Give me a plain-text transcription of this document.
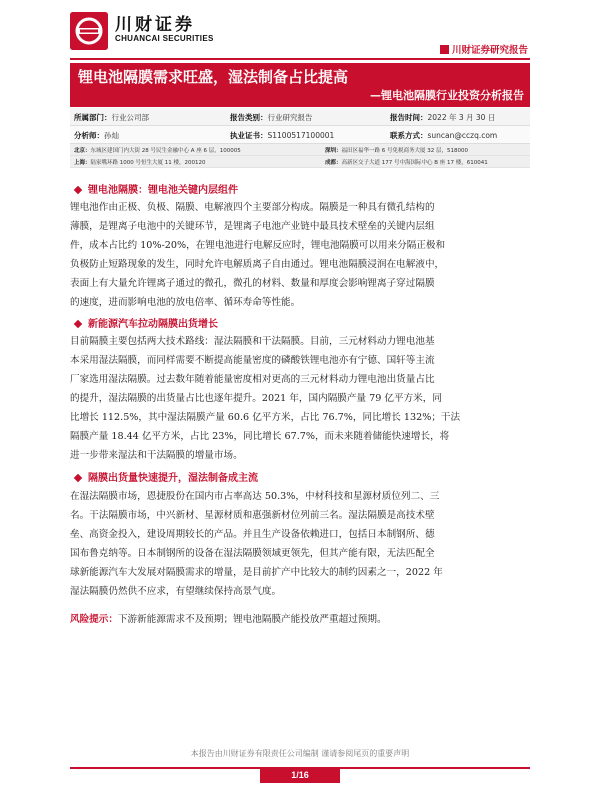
川财证券
CHUANCAI SECURITIES
川财证券研究报告
锂电池隔膜需求旺盛，湿法制备占比提高
—锂电池隔膜行业投资分析报告
所属部门：行业公司部	报告类别：行业研究报告	报告时间：2022 年 3 月 30 日
分析师：孙灿	执业证书：S1100517100001	联系方式：suncan@cczq.com
北京：东城区建国门内大街 28 号民生金融中心 A 座 6 层，100005	深圳：福田区福华一路 6 号免税商务大厦 32 层，518000
上海：陆家嘴环路 1000 号恒生大厦 11 楼，200120	成都：高新区交子大道 177 号中海国际中心 B 座 17 楼，610041
锂电池隔膜：锂电池关键内层组件
锂电池作由正极、负极、隔膜、电解液四个主要部分构成。隔膜是一种具有微孔结构的
薄膜，是锂离子电池中的关键环节，是锂离子电池产业链中最具技术壁垒的关键内层组
件，成本占比约 10%-20%，在锂电池进行电解反应时，锂电池隔膜可以用来分隔正极和
负极防止短路现象的发生，同时允许电解质离子自由通过。锂电池隔膜浸润在电解液中，
表面上有大量允许锂离子通过的微孔，微孔的材料、数量和厚度会影响锂离子穿过隔膜
的速度，进而影响电池的放电倍率、循环寿命等性能。
新能源汽车拉动隔膜出货增长
目前隔膜主要包括两大技术路线：湿法隔膜和干法隔膜。目前，三元材料动力锂电池基
本采用湿法隔膜，而同样需要不断提高能量密度的磷酸铁锂电池亦有宁德、国轩等主流
厂家选用湿法隔膜。过去数年随着能量密度相对更高的三元材料动力锂电池出货量占比
的提升，湿法隔膜的出货量占比也逐年提升。2021 年，国内隔膜产量 79 亿平方米，同
比增长 112.5%，其中湿法隔膜产量 60.6 亿平方米，占比 76.7%，同比增长 132%；干法
隔膜产量 18.44 亿平方米，占比 23%，同比增长 67.7%，而未来随着储能快速增长，将
进一步带来湿法和干法隔膜的增量市场。
隔膜出货量快速提升，湿法制备成主流
在湿法隔膜市场，恩捷股份在国内市占率高达 50.3%，中材科技和星源材质位列二、三
名。干法隔膜市场，中兴新材、星源材质和惠强新材位列前三名。湿法隔膜是高技术壁
垒、高资金投入，建设周期较长的产品。并且生产设备依赖进口，包括日本制钢所、德
国布鲁克纳等。日本制钢所的设备在湿法隔膜领域更领先，但其产能有限，无法匹配全
球新能源汽车大发展对隔膜需求的增量，是目前扩产中比较大的制约因素之一，2022 年
湿法隔膜仍然供不应求，有望继续保持高景气度。
风险提示：下游新能源需求不及预期；锂电池隔膜产能投放严重超过预期。
本报告由川财证券有限责任公司编制 谨请参阅尾页的重要声明
1/16
